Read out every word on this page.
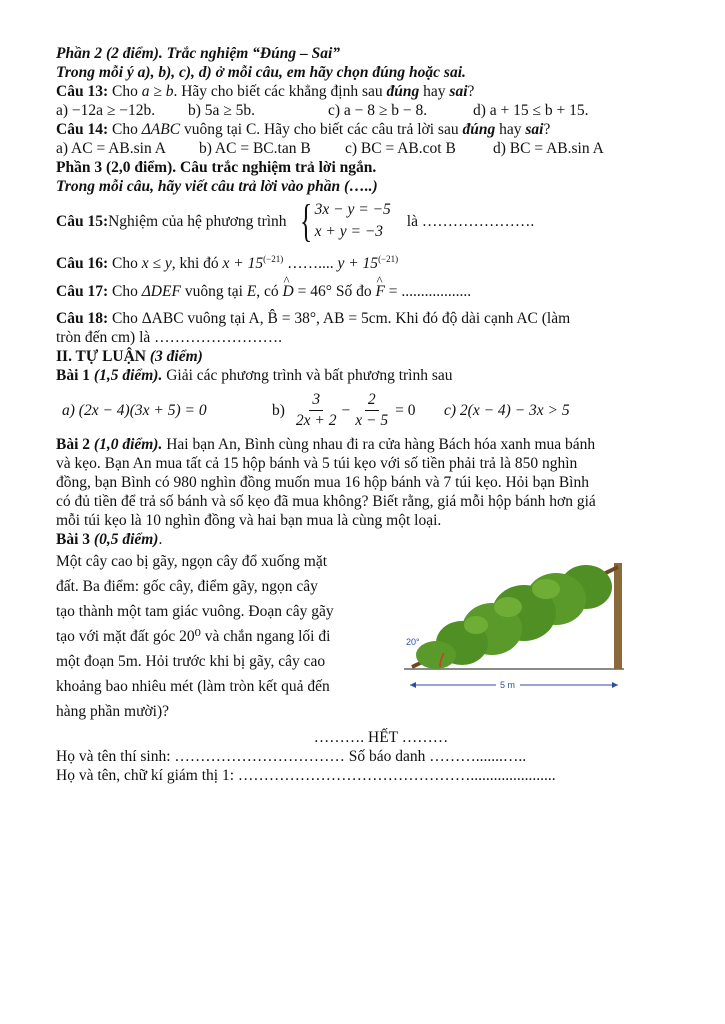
Phần 2 (2 điểm). Trắc nghiệm “Đúng – Sai”
Trong mỗi ý a), b), c), d) ở mỗi câu, em hãy chọn đúng hoặc sai.
Câu 13: Cho a ≥ b. Hãy cho biết các khẳng định sau đúng hay sai?
a) −12a ≥ −12b.	b) 5a ≥ 5b.	c) a − 8 ≥ b − 8.	d) a + 15 ≤ b + 15.
Câu 14: Cho ΔABC vuông tại C. Hãy cho biết các câu trả lời sau đúng hay sai?
a) AC = AB.sin A	b) AC = BC.tan B	c) BC = AB.cot B	d) BC = AB.sin A
Phần 3 (2,0 điểm). Câu trắc nghiệm trả lời ngắn.
Trong mỗi câu, hãy viết câu trả lời vào phần (…..)
Câu 15: Nghiệm của hệ phương trình { 3x − y = −5
x + y = −3
là ………………….
Câu 16: Cho x ≤ y, khi đó $x + 15^{(-21)}$ …….... $y + 15^{(-21)}$
Câu 17: Cho ΔDEF vuông tại E, có ^ D = 46° Số đo ^ F = ..................
Câu 18: Cho ΔABC vuông tại A, B̂ = 38°, AB = 5cm. Khi đó độ dài cạnh AC (làm
tròn đến cm) là …………………….
II. TỰ LUẬN (3 điểm)
Bài 1 (1,5 điểm). Giải các phương trình và bất phương trình sau
a) (2x − 4)(3x + 5) = 0	$b) \frac{3}{2x + 2} - \frac{2}{x - 5} = 0$ c) 2(x − 4) − 3x > 5
Bài 2 (1,0 điểm). Hai bạn An, Bình cùng nhau đi ra cửa hàng Bách hóa xanh mua bánh
và kẹo. Bạn An mua tất cả 15 hộp bánh và 5 túi kẹo với số tiền phải trả là 850 nghìn
đồng, bạn Bình có 980 nghìn đồng muốn mua 16 hộp bánh và 7 túi kẹo. Hỏi bạn Bình
có đủ tiền để trả số bánh và số kẹo đã mua không? Biết rằng, giá mỗi hộp bánh hơn giá
mỗi túi kẹo là 10 nghìn đồng và hai bạn mua là cùng một loại.
Bài 3 (0,5 điểm).
Một cây cao bị gãy, ngọn cây đổ xuống mặt
đất. Ba điểm: gốc cây, điểm gãy, ngọn cây
tạo thành một tam giác vuông. Đoạn cây gãy
tạo với mặt đất góc 20⁰ và chắn ngang lối đi
một đoạn 5m. Hỏi trước khi bị gãy, cây cao
khoảng bao nhiêu mét (làm tròn kết quả đến
hàng phần mười)?
20°
5 m
………. HẾT ………
Họ và tên thí sinh: …………………………… Số báo danh ……….......…..
Họ và tên, chữ kí giám thị 1: ………………………………………......................
